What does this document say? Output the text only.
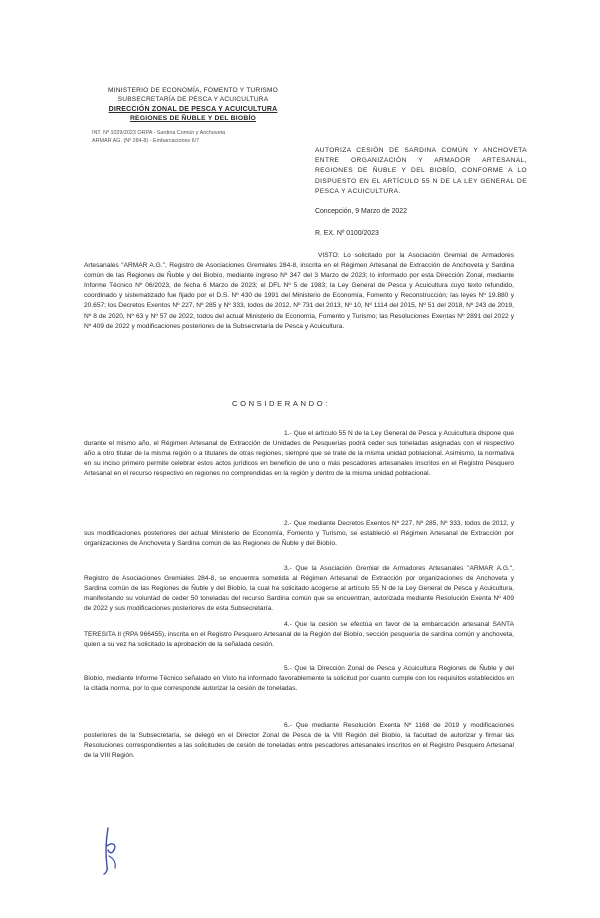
MINISTERIO DE ECONOMÍA, FOMENTO Y TURISMO
SUBSECRETARÍA DE PESCA Y ACUICULTURA
DIRECCIÓN ZONAL DE PESCA Y ACUICULTURA
REGIONES DE ÑUBLE Y DEL BIOBÍO
INT. Nº 1029/2023 ORPA - Sardina Común y Anchoveta
ARMAR AG. (Nº 284-8) - Embarcaciones 6/7
AUTORIZA CESIÓN DE SARDINA COMÚN Y ANCHOVETA ENTRE ORGANIZACIÓN Y ARMADOR ARTESANAL, REGIONES DE ÑUBLE Y DEL BIOBÍO, CONFORME A LO DISPUESTO EN EL ARTÍCULO 55 N DE LA LEY GENERAL DE PESCA Y ACUICULTURA.
Concepción, 9 Marzo de 2022
R. EX. Nº 0100/2023
VISTO: Lo solicitado por la Asociación Gremial de Armadores Artesanales "ARMAR A.G.", Registro de Asociaciones Gremiales 284-8, inscrita en el Régimen Artesanal de Extracción de Anchoveta y Sardina común de las Regiones de Ñuble y del Biobío, mediante ingreso Nº 347 del 3 Marzo de 2023; lo informado por esta Dirección Zonal, mediante Informe Técnico Nº 06/2023, de fecha 6 Marzo de 2023; el DFL Nº 5 de 1983; la Ley General de Pesca y Acuicultura cuyo texto refundido, coordinado y sistematizado fue fijado por el D.S. Nº 430 de 1991 del Ministerio de Economía, Fomento y Reconstrucción; las leyes Nº 19.880 y 20.657; los Decretos Exentos Nº 227, Nº 285 y Nº 333, todos de 2012, Nº 731 del 2013, Nº 10, Nº 1114 del 2015, Nº 51 del 2018, Nº 243 de 2019, Nº 8 de 2020, Nº 63 y Nº 57 de 2022, todos del actual Ministerio de Economía, Fomento y Turismo; las Resoluciones Exentas Nº 2891 del 2022 y Nº 409 de 2022 y modificaciones posteriores de la Subsecretaría de Pesca y Acuicultura.
CONSIDERANDO:
1.- Que el artículo 55 N de la Ley General de Pesca y Acuicultura dispone que durante el mismo año, el Régimen Artesanal de Extracción de Unidades de Pesquerías podrá ceder sus toneladas asignadas con el respectivo año a otro titular de la misma región o a titulares de otras regiones, siempre que se trate de la misma unidad poblacional. Asimismo, la normativa en su inciso primero permite celebrar estos actos jurídicos en beneficio de uno o más pescadores artesanales inscritos en el Registro Pesquero Artesanal en el recurso respectivo en regiones no comprendidas en la región y dentro de la misma unidad poblacional.
2.- Que mediante Decretos Exentos Nº 227, Nº 285, Nº 333, todos de 2012, y sus modificaciones posteriores del actual Ministerio de Economía, Fomento y Turismo, se estableció el Régimen Artesanal de Extracción por organizaciones de Anchoveta y Sardina común de las Regiones de Ñuble y del Biobío.
3.- Que la Asociación Gremial de Armadores Artesanales "ARMAR A.G.", Registro de Asociaciones Gremiales 284-8, se encuentra sometida al Régimen Artesanal de Extracción por organizaciones de Anchoveta y Sardina común de las Regiones de Ñuble y del Biobío, la cual ha solicitado acogerse al artículo 55 N de la Ley General de Pesca y Acuicultura, manifestando su voluntad de ceder 50 toneladas del recurso Sardina común que se encuentran, autorizada mediante Resolución Exenta Nº 409 de 2022 y sus modificaciones posteriores de esta Subsecretaría.
4.- Que la cesión se efectúa en favor de la embarcación artesanal SANTA TERESITA II (RPA 966455), inscrita en el Registro Pesquero Artesanal de la Región del Biobío, sección pesquería de sardina común y anchoveta, quien a su vez ha solicitado la aprobación de la señalada cesión.
5.- Que la Dirección Zonal de Pesca y Acuicultura Regiones de Ñuble y del Biobío, mediante Informe Técnico señalado en Visto ha informado favorablemente la solicitud por cuanto cumple con los requisitos establecidos en la citada norma, por lo que corresponde autorizar la cesión de toneladas.
6.- Que mediante Resolución Exenta Nº 1168 de 2019 y modificaciones posteriores de la Subsecretaría, se delegó en el Director Zonal de Pesca de la VIII Región del Biobío, la facultad de autorizar y firmar las Resoluciones correspondientes a las solicitudes de cesión de toneladas entre pescadores artesanales inscritos en el Registro Pesquero Artesanal de la VIII Región.
